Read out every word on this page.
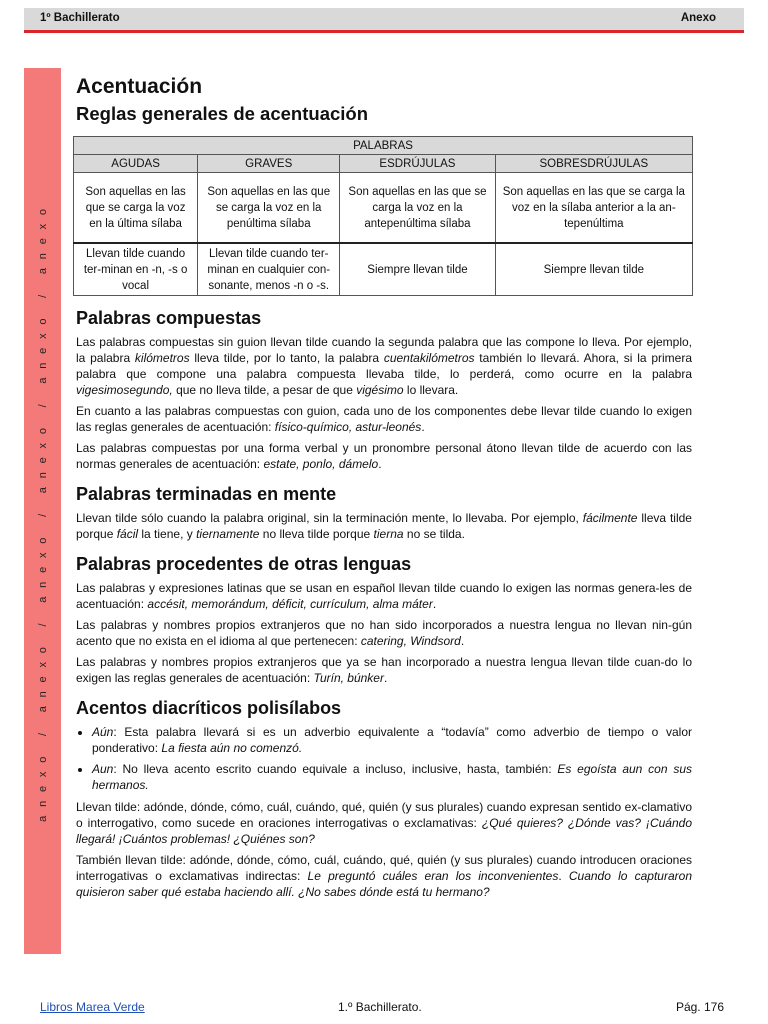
1º Bachillerato	Anexo
anexo / anexo / anexo / anexo / anexo / anexo
Acentuación
Reglas generales de acentuación
PALABRAS			
AGUDAS	GRAVES	ESDRÚJULAS	SOBRESDRÚJULAS
Son aquellas en las que se carga la voz en la última sílaba	Son aquellas en las que se carga la voz en la penúltima sílaba	Son aquellas en las que se carga la voz en la antepenúltima sílaba	Son aquellas en las que se carga la voz en la sílaba anterior a la an-tepenúltima
Llevan tilde cuando ter-minan en -n, -s o vocal	Llevan tilde cuando ter-minan en cualquier con-sonante, menos -n o -s.	Siempre llevan tilde	Siempre llevan tilde
Palabras compuestas

Las palabras compuestas sin guion llevan tilde cuando la segunda palabra que las compone lo lleva. Por ejemplo, la palabra kilómetros lleva tilde, por lo tanto, la palabra cuentakilómetros también lo llevará. Ahora, si la primera palabra que compone una palabra compuesta llevaba tilde, lo perderá, como ocurre en la palabra vigesimosegundo, que no lleva tilde, a pesar de que vigésimo lo llevara.

En cuanto a las palabras compuestas con guion, cada uno de los componentes debe llevar tilde cuando lo exigen las reglas generales de acentuación: físico-químico, astur-leonés.

Las palabras compuestas por una forma verbal y un pronombre personal átono llevan tilde de acuerdo con las normas generales de acentuación: estate, ponlo, dámelo.

Palabras terminadas en mente

Llevan tilde sólo cuando la palabra original, sin la terminación mente, lo llevaba. Por ejemplo, fácilmente lleva tilde porque fácil la tiene, y tiernamente no lleva tilde porque tierna no se tilda.

Palabras procedentes de otras lenguas

Las palabras y expresiones latinas que se usan en español llevan tilde cuando lo exigen las normas genera-les de acentuación: accésit, memorándum, déficit, currículum, alma máter.

Las palabras y nombres propios extranjeros que no han sido incorporados a nuestra lengua no llevan nin-gún acento que no exista en el idioma al que pertenecen: catering, Windsord.

Las palabras y nombres propios extranjeros que ya se han incorporado a nuestra lengua llevan tilde cuan-do lo exigen las reglas generales de acentuación: Turín, búnker.

Acentos diacríticos polisílabos
• Aún: Esta palabra llevará si es un adverbio equivalente a “todavía” como adverbio de tiempo o valor ponderativo: La fiesta aún no comenzó.
• Aun: No lleva acento escrito cuando equivale a incluso, inclusive, hasta, también: Es egoísta aun con sus hermanos.

Llevan tilde: adónde, dónde, cómo, cuál, cuándo, qué, quién (y sus plurales) cuando expresan sentido ex-clamativo o interrogativo, como sucede en oraciones interrogativas o exclamativas: ¿Qué quieres? ¿Dónde vas? ¡Cuándo llegará! ¡Cuántos problemas! ¿Quiénes son?

También llevan tilde: adónde, dónde, cómo, cuál, cuándo, qué, quién (y sus plurales) cuando introducen oraciones interrogativas o exclamativas indirectas: Le preguntó cuáles eran los inconvenientes. Cuando lo capturaron quisieron saber qué estaba haciendo allí. ¿No sabes dónde está tu hermano?

Libros Marea Verde	1.º Bachillerato.	Pág. 176
